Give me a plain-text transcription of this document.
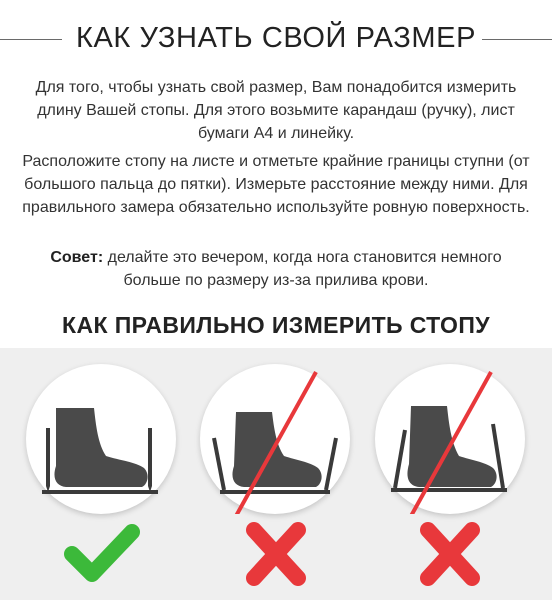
КАК УЗНАТЬ СВОЙ РАЗМЕР

Для того, чтобы узнать свой размер, Вам понадобится измерить длину Вашей стопы. Для этого возьмите карандаш (ручку), лист бумаги А4 и линейку.

Расположите стопу на листе и отметьте крайние границы ступни (от большого пальца до пятки). Измерьте расстояние между ними. Для правильного замера обязательно используйте ровную поверхность.

Совет: делайте это вечером, когда нога становится немного больше по размеру из-за прилива крови.

КАК ПРАВИЛЬНО ИЗМЕРИТЬ СТОПУ
